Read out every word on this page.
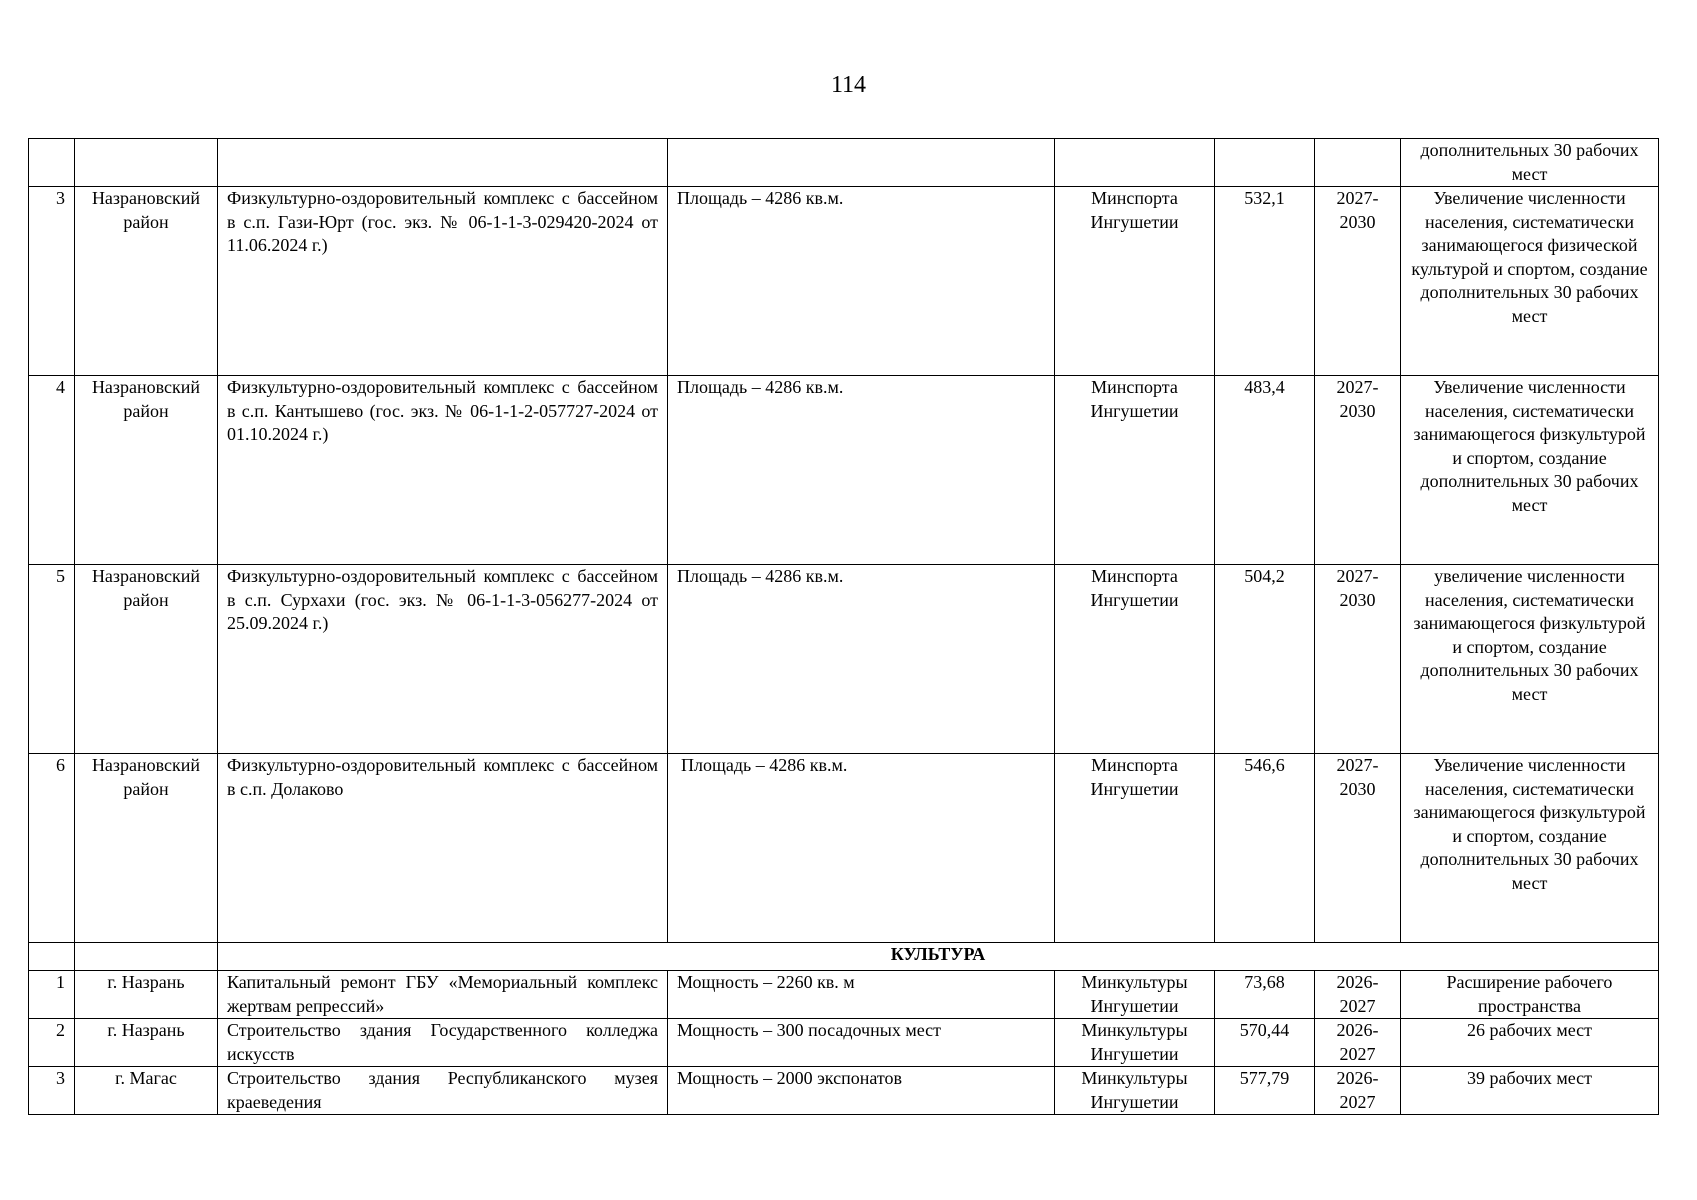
114
							дополнительных 30 рабочих мест
3	Назрановский район	Физкультурно-оздоровительный комплекс с бассейном в с.п. Гази-Юрт (гос. экз. № 06-1-1-3-029420-2024 от 11.06.2024 г.)	Площадь – 4286 кв.м.	Минспорта Ингушетии	532,1	2027-2030	Увеличение численности населения, систематически занимающегося физической культурой и спортом, создание дополнительных 30 рабочих мест
4	Назрановский район	Физкультурно-оздоровительный комплекс с бассейном в с.п. Кантышево (гос. экз. № 06-1-1-2-057727-2024 от 01.10.2024 г.)	Площадь – 4286 кв.м.	Минспорта Ингушетии	483,4	2027-2030	Увеличение численности населения, систематически занимающегося физкультурой и спортом, создание дополнительных 30 рабочих мест
5	Назрановский район	Физкультурно-оздоровительный комплекс с бассейном в с.п. Сурхахи (гос. экз. № 06-1-1-3-056277-2024 от 25.09.2024 г.)	Площадь – 4286 кв.м.	Минспорта Ингушетии	504,2	2027-2030	увеличение численности населения, систематически занимающегося физкультурой и спортом, создание дополнительных 30 рабочих мест
6	Назрановский район	Физкультурно-оздоровительный комплекс с бассейном в с.п. Долаково	Площадь – 4286 кв.м.	Минспорта Ингушетии	546,6	2027-2030	Увеличение численности населения, систематически занимающегося физкультурой и спортом, создание дополнительных 30 рабочих мест
		КУЛЬТУРА					
1	г. Назрань	Капитальный ремонт ГБУ «Мемориальный комплекс жертвам репрессий»	Мощность – 2260 кв. м	Минкультуры Ингушетии	73,68	2026-2027	Расширение рабочего пространства
2	г. Назрань	Строительство здания Государственного колледжа искусств	Мощность – 300 посадочных мест	Минкультуры Ингушетии	570,44	2026-2027	26 рабочих мест
3	г. Магас	Строительство здания Республиканского музея краеведения	Мощность – 2000 экспонатов	Минкультуры Ингушетии	577,79	2026-2027	39 рабочих мест
